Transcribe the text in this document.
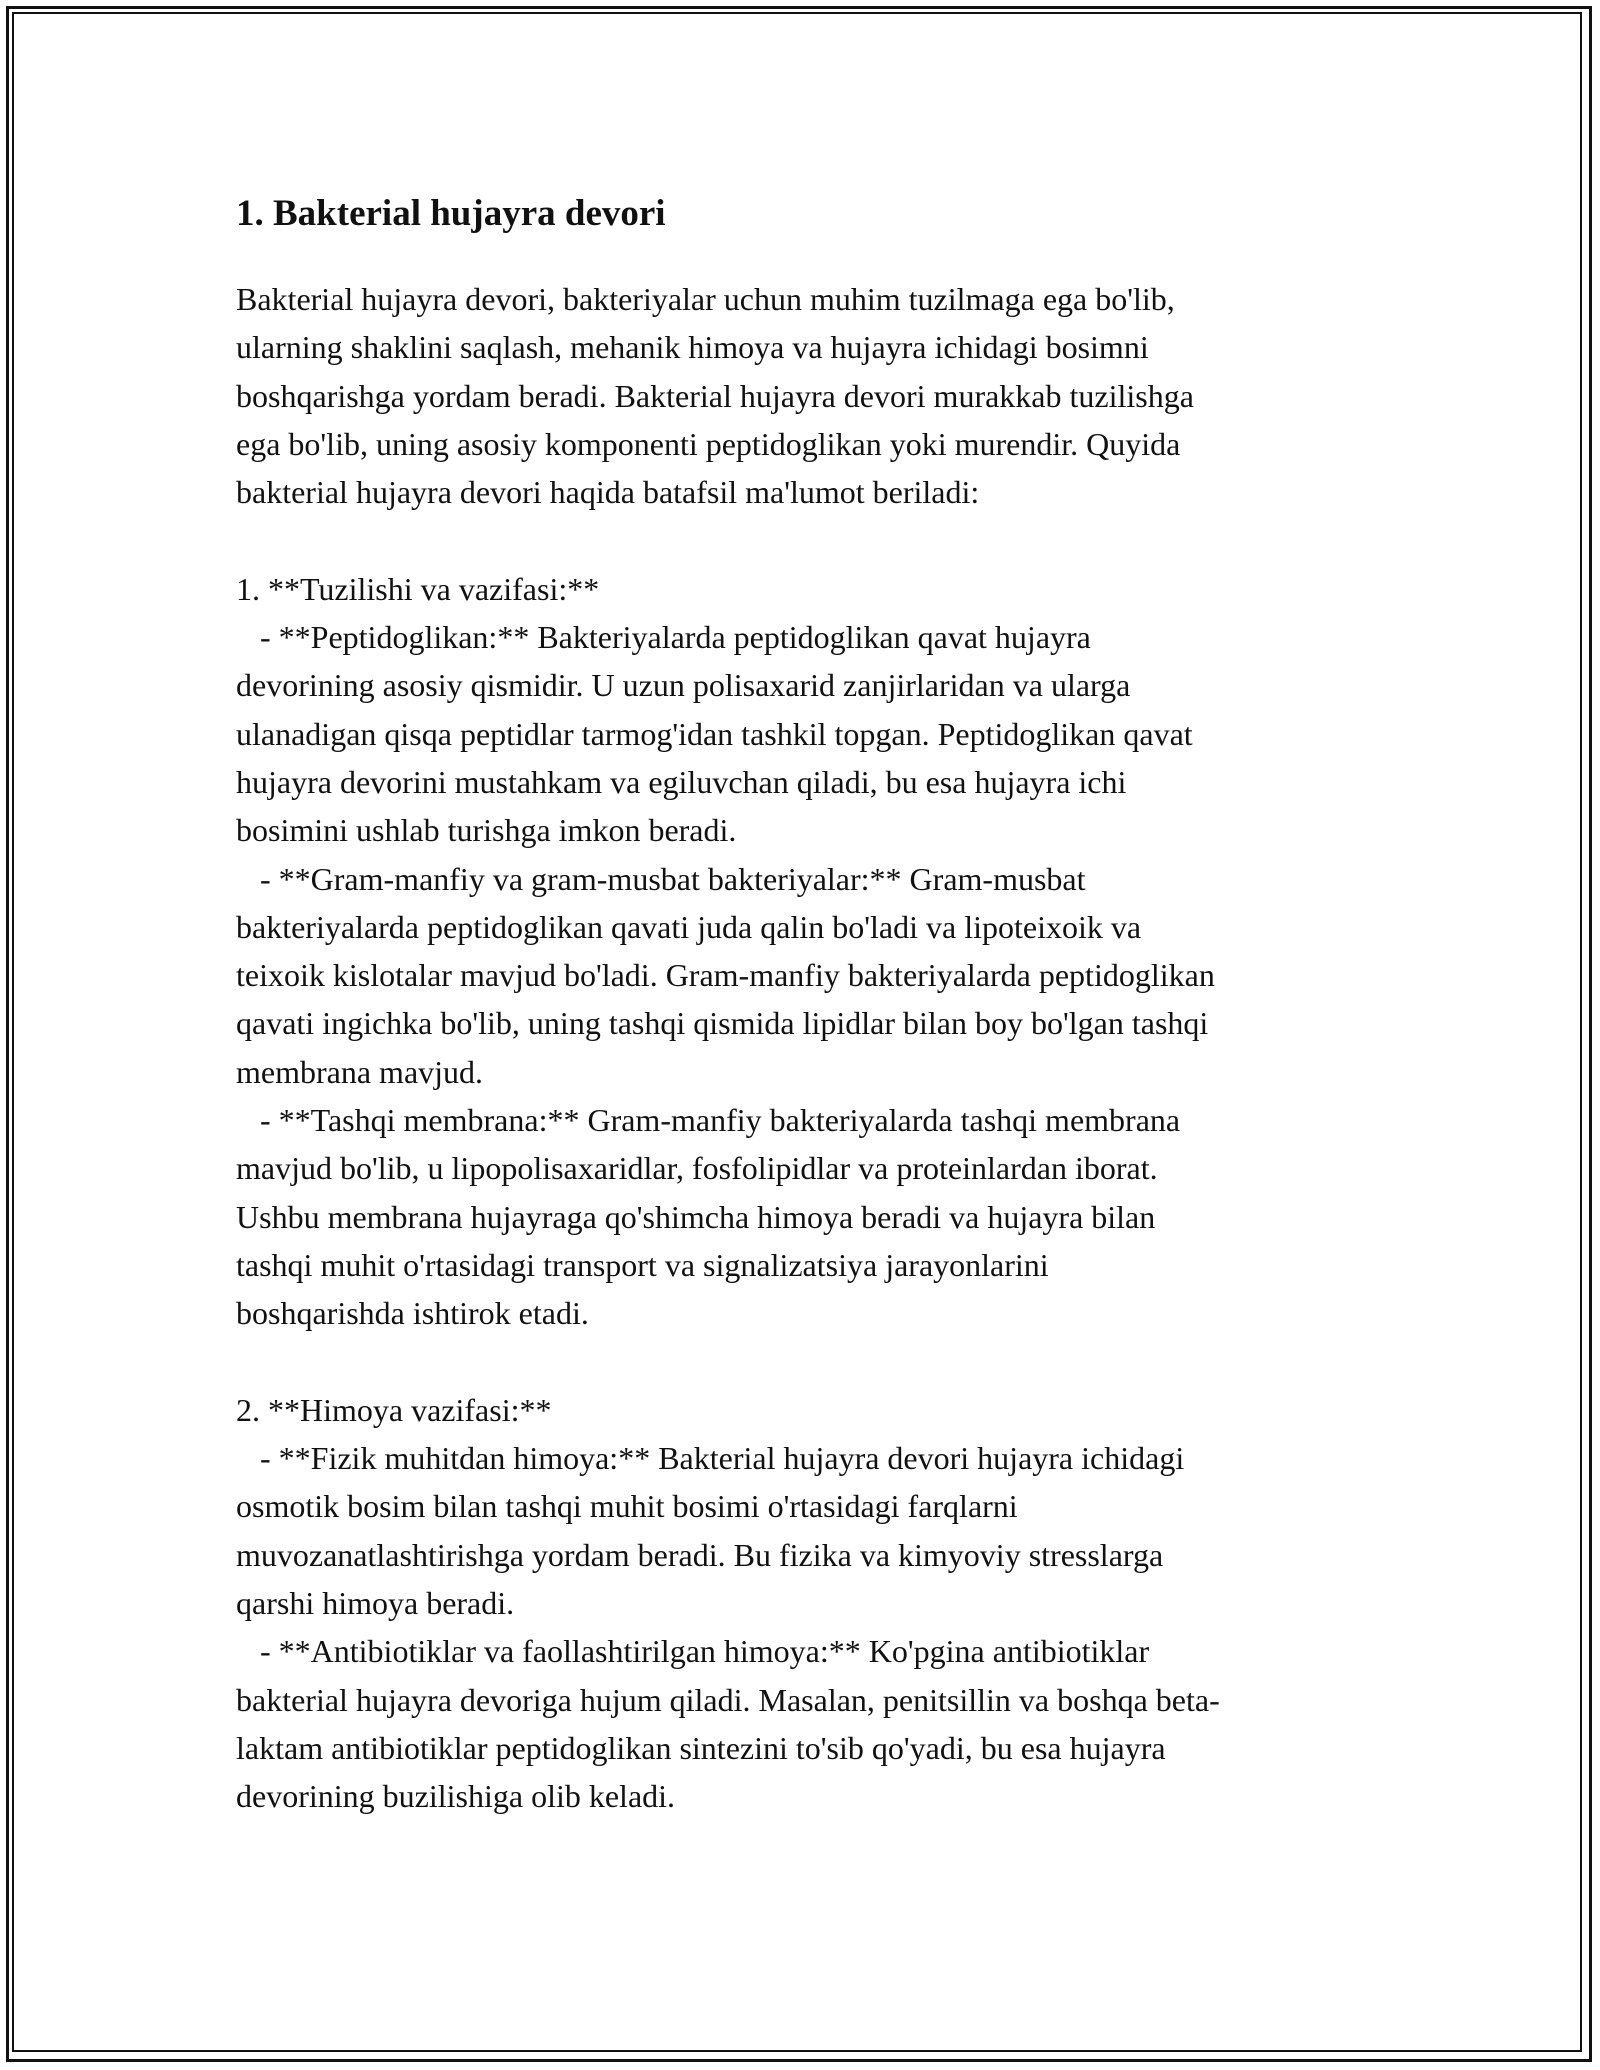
1. Bakterial hujayra devori

Bakterial hujayra devori, bakteriyalar uchun muhim tuzilmaga ega bo'lib,
ularning shaklini saqlash, mehanik himoya va hujayra ichidagi bosimni
boshqarishga yordam beradi. Bakterial hujayra devori murakkab tuzilishga
ega bo'lib, uning asosiy komponenti peptidoglikan yoki murendir. Quyida
bakterial hujayra devori haqida batafsil ma'lumot beriladi:

1. **Tuzilishi va vazifasi:**
- **Peptidoglikan:** Bakteriyalarda peptidoglikan qavat hujayra
devorining asosiy qismidir. U uzun polisaxarid zanjirlaridan va ularga
ulanadigan qisqa peptidlar tarmog'idan tashkil topgan. Peptidoglikan qavat
hujayra devorini mustahkam va egiluvchan qiladi, bu esa hujayra ichi
bosimini ushlab turishga imkon beradi.
- **Gram-manfiy va gram-musbat bakteriyalar:** Gram-musbat
bakteriyalarda peptidoglikan qavati juda qalin bo'ladi va lipoteixoik va
teixoik kislotalar mavjud bo'ladi. Gram-manfiy bakteriyalarda peptidoglikan
qavati ingichka bo'lib, uning tashqi qismida lipidlar bilan boy bo'lgan tashqi
membrana mavjud.
- **Tashqi membrana:** Gram-manfiy bakteriyalarda tashqi membrana
mavjud bo'lib, u lipopolisaxaridlar, fosfolipidlar va proteinlardan iborat.
Ushbu membrana hujayraga qo'shimcha himoya beradi va hujayra bilan
tashqi muhit o'rtasidagi transport va signalizatsiya jarayonlarini
boshqarishda ishtirok etadi.

2. **Himoya vazifasi:**
- **Fizik muhitdan himoya:** Bakterial hujayra devori hujayra ichidagi
osmotik bosim bilan tashqi muhit bosimi o'rtasidagi farqlarni
muvozanatlashtirishga yordam beradi. Bu fizika va kimyoviy stresslarga
qarshi himoya beradi.
- **Antibiotiklar va faollashtirilgan himoya:** Ko'pgina antibiotiklar
bakterial hujayra devoriga hujum qiladi. Masalan, penitsillin va boshqa beta-
laktam antibiotiklar peptidoglikan sintezini to'sib qo'yadi, bu esa hujayra
devorining buzilishiga olib keladi.
